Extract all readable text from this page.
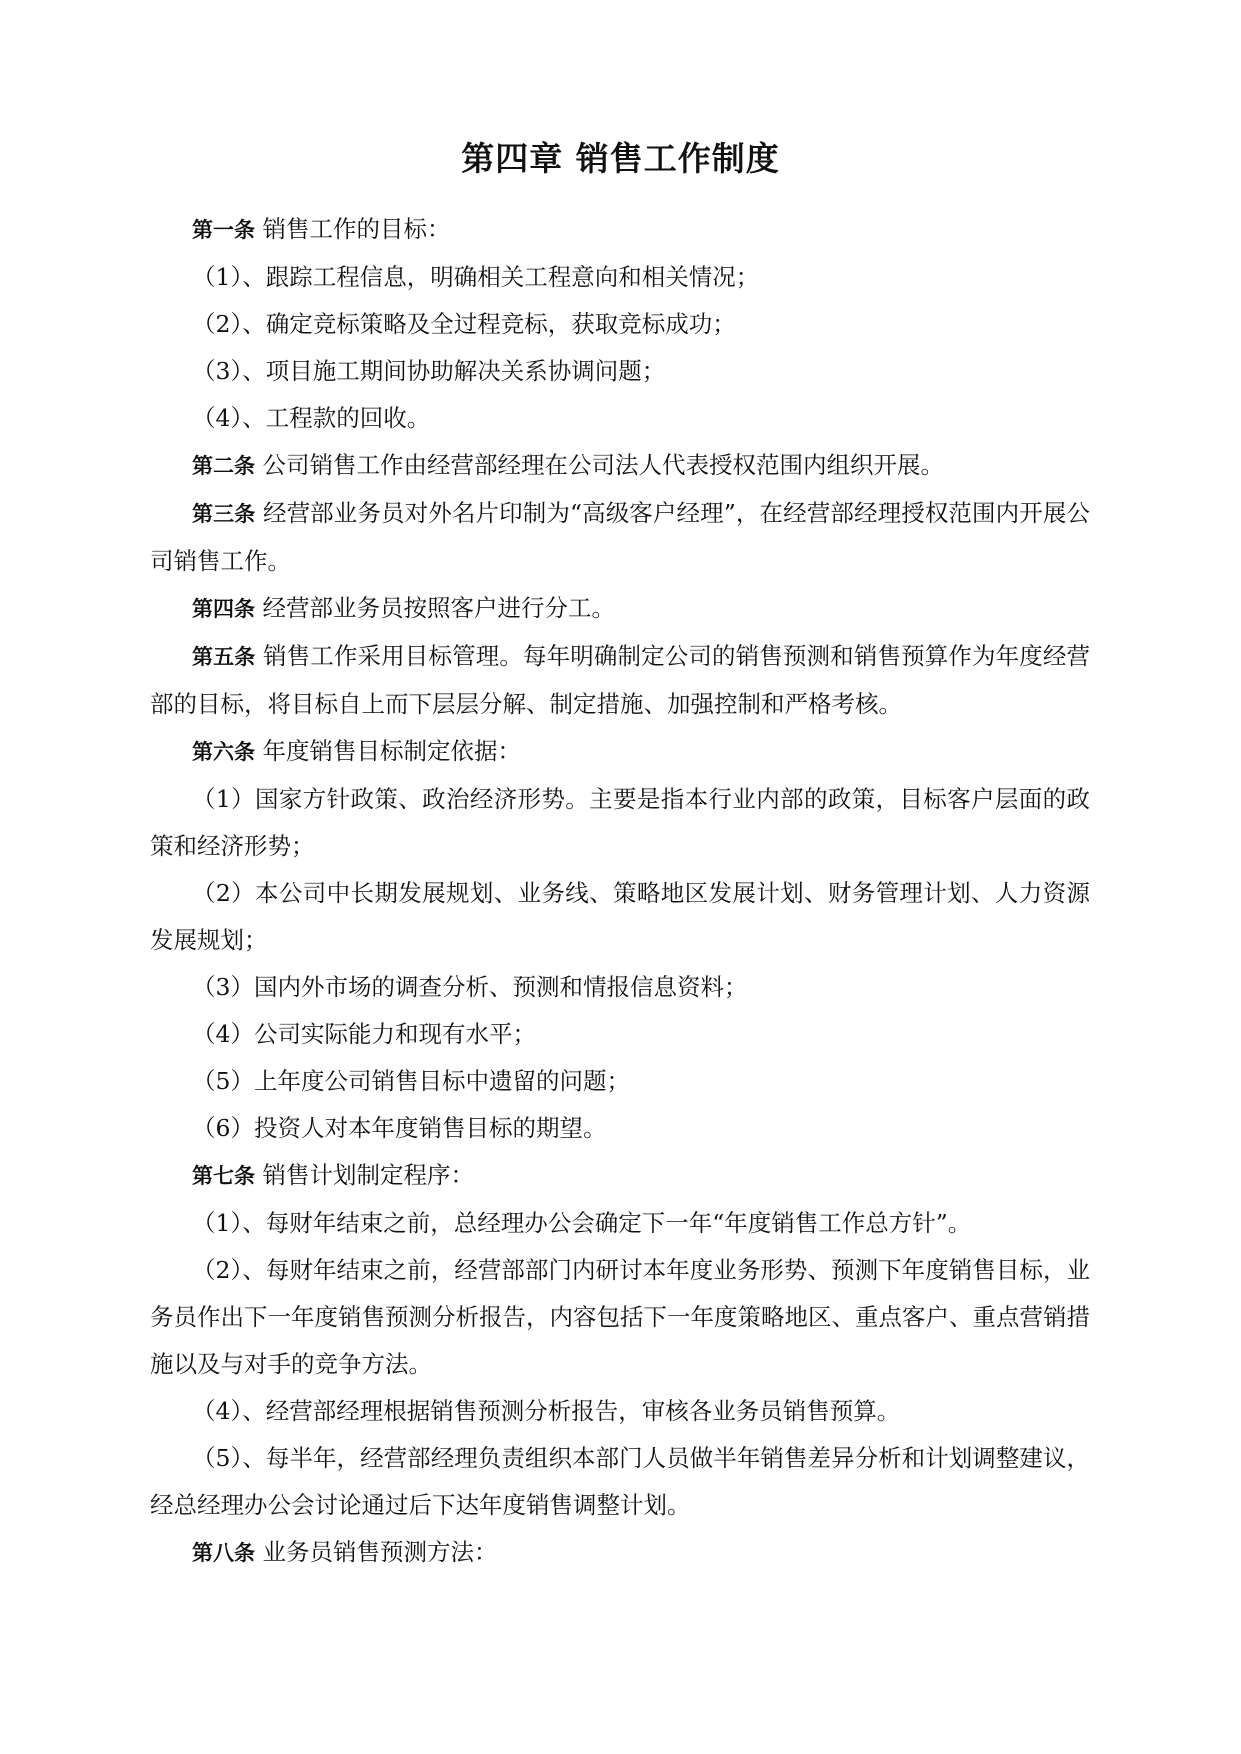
第四章 销售工作制度

第一条 销售工作的目标：

（1）、跟踪工程信息，明确相关工程意向和相关情况；

（2）、确定竞标策略及全过程竞标，获取竞标成功；

（3）、项目施工期间协助解决关系协调问题；

（4）、工程款的回收。

第二条 公司销售工作由经营部经理在公司法人代表授权范围内组织开展。

第三条 经营部业务员对外名片印制为“高级客户经理”，在经营部经理授权范围内开展公司销售工作。

第四条 经营部业务员按照客户进行分工。

第五条 销售工作采用目标管理。每年明确制定公司的销售预测和销售预算作为年度经营部的目标，将目标自上而下层层分解、制定措施、加强控制和严格考核。

第六条 年度销售目标制定依据：

（1）国家方针政策、政治经济形势。主要是指本行业内部的政策，目标客户层面的政策和经济形势；

（2）本公司中长期发展规划、业务线、策略地区发展计划、财务管理计划、人力资源发展规划；

（3）国内外市场的调查分析、预测和情报信息资料；

（4）公司实际能力和现有水平；

（5）上年度公司销售目标中遗留的问题；

（6）投资人对本年度销售目标的期望。

第七条 销售计划制定程序：

（1）、每财年结束之前，总经理办公会确定下一年“年度销售工作总方针”。

（2）、每财年结束之前，经营部部门内研讨本年度业务形势、预测下年度销售目标，业务员作出下一年度销售预测分析报告，内容包括下一年度策略地区、重点客户、重点营销措施以及与对手的竞争方法。

（4）、经营部经理根据销售预测分析报告，审核各业务员销售预算。

（5）、每半年，经营部经理负责组织本部门人员做半年销售差异分析和计划调整建议，经总经理办公会讨论通过后下达年度销售调整计划。

第八条 业务员销售预测方法：
